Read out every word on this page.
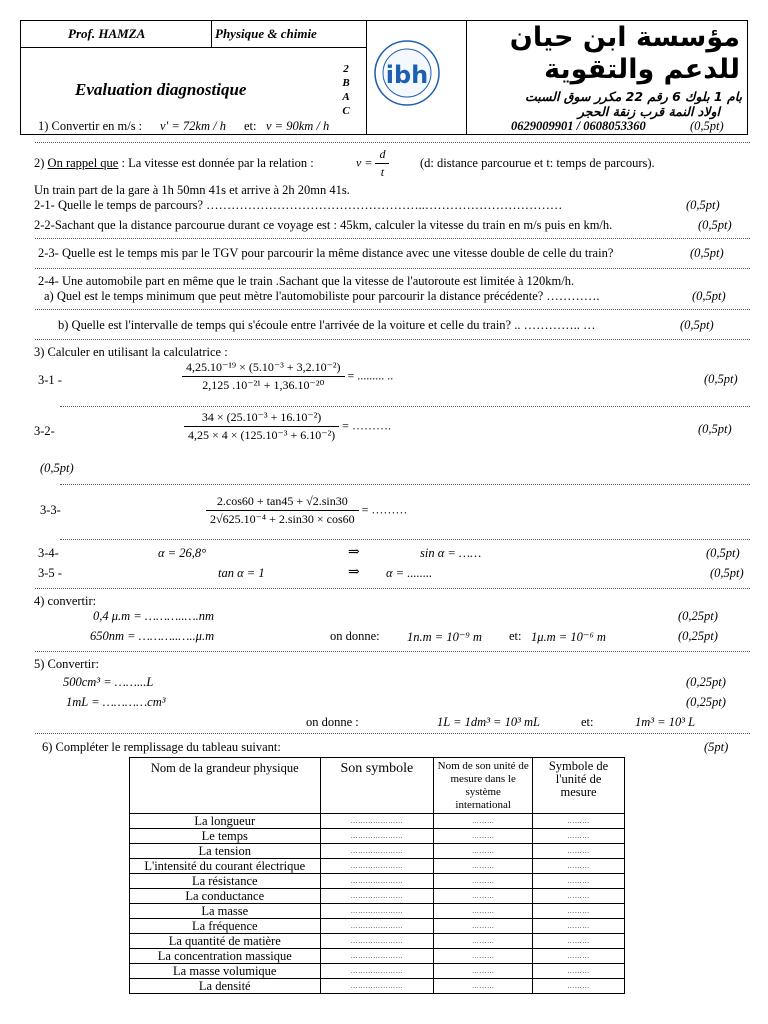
Prof. HAMZA	Physique & chimie
Evaluation diagnostique
2
B
A
C
ibh
مؤسسة ابن حيان للدعم والتقوية
بام 1 بلوك 6 رقم 22 مكرر سوق السبت
اولاد النمة قرب زنقة الحجر
0629009901 / 0608053360
1) Convertir en m/s : v' = 72km / h et: v = 90km / h	(0,5pt)
2) On rappel que : La vitesse est donnée par la relation :	$v = \frac{d}{t} (d$: distance parcourue et t: temps de parcours).
Un train part de la gare à 1h 50mn 41s et arrive à 2h 20mn 41s.
2-1- Quelle le temps de parcours? ……………………………………………..……………………………	(0,5pt)
2-2-Sachant que la distance parcourue durant ce voyage est : 45km, calculer la vitesse du train en m/s puis en km/h.	(0,5pt)
2-3- Quelle est le temps mis par le TGV pour parcourir la même distance avec une vitesse double de celle du train?	(0,5pt)
2-4- Une automobile part en même que le train .Sachant que la vitesse de l'autoroute est limitée à 120km/h.
a) Quel est le temps minimum que peut mètre l'automobiliste pour parcourir la distance précédente? ………….	(0,5pt)
b) Quelle est l'intervalle de temps qui s'écoule entre l'arrivée de la voiture et celle du train? .. ………….. …	(0,5pt)
3) Calculer en utilisant la calculatrice :
3-1 -	$\frac{\text{4,25.10⁻¹⁹ × (5.10⁻³ + 3,2.10⁻²)}}{\text{2,125 .10⁻²¹ + 1,36.10⁻²⁰}}$ = ......... ..	(0,5pt)
3-2-	$\frac{\text{34 × (25.10⁻³ + 16.10⁻²)}}{\text{4,25 × 4 × (125.10⁻³ + 6.10⁻²)}}$ = ……….	(0,5pt)
(0,5pt)
3-3-	$\frac{2.\cos 60 + \tan 45 + √2.\sin 30}{\text{2√625.10⁻⁴ + 2.sin30 × cos60}}$ = ………
3-4-	α = 26,8°	⇒	sin α = ……	(0,5pt)
3-5 -	tan α = 1	⇒ α = ........	(0,5pt)
4) convertir:
0,4 μ.m = ………..….nm	(0,25pt)
650nm = ………..…..μ.m	on donne: 1n.m = 10⁻⁹ m et: 1μ.m = 10⁻⁶ m	(0,25pt)
5) Convertir:
500cm³ = ……...L	(0,25pt)
1mL = …………cm³	(0,25pt)
on donne :	1L = 1dm³ = 10³ mL	et:	1m³ = 10³ L
6) Compléter le remplissage du tableau suivant:	(5pt)
Nom de la grandeur physique	Son symbole	Nom de son unité de mesure dans le système international	Symbole de l'unité de mesure
La longueur	…………………	………	………
Le temps	…………………	………	………
La tension	…………………	………	………
L'intensité du courant électrique	…………………	………	………
La résistance	…………………	………	………
La conductance	…………………	………	………
La masse	…………………	………	………
La fréquence	…………………	………	………
La quantité de matière	…………………	………	………
La concentration massique	…………………	………	………
La masse volumique	…………………	………	………
La densité	…………………	………	………
